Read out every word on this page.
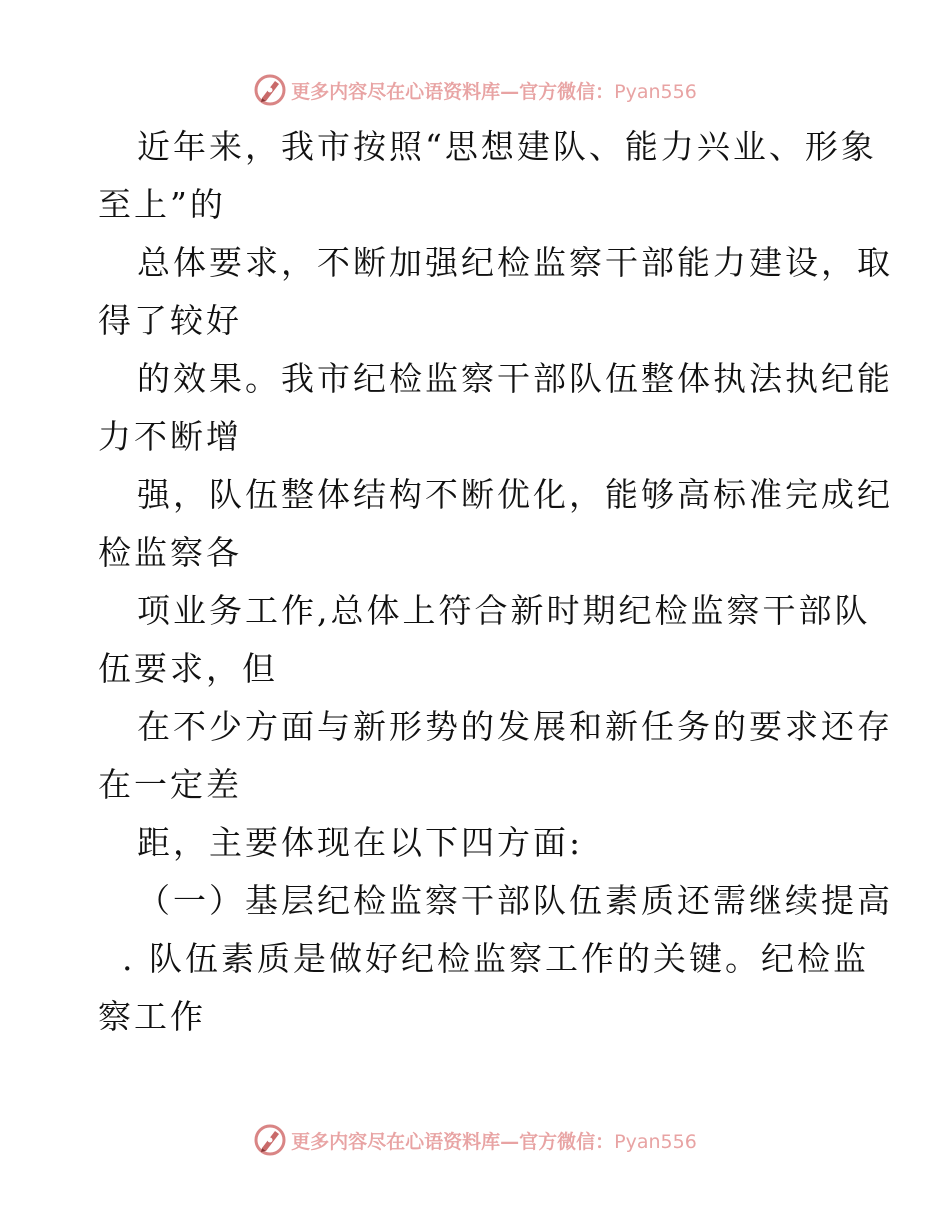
更多内容尽在心语资料库—官方微信：Pyan556
近年来，我市按照“思想建队、能力兴业、形象
至上”的
总体要求，不断加强纪检监察干部能力建设，取
得了较好
的效果。我市纪检监察干部队伍整体执法执纪能
力不断增
强，队伍整体结构不断优化，能够高标准完成纪
检监察各
项业务工作,总体上符合新时期纪检监察干部队
伍要求，但
在不少方面与新形势的发展和新任务的要求还存
在一定差
距，主要体现在以下四方面:
（一）基层纪检监察干部队伍素质还需继续提高
. 队伍素质是做好纪检监察工作的关键。纪检监
察工作
更多内容尽在心语资料库—官方微信：Pyan556
